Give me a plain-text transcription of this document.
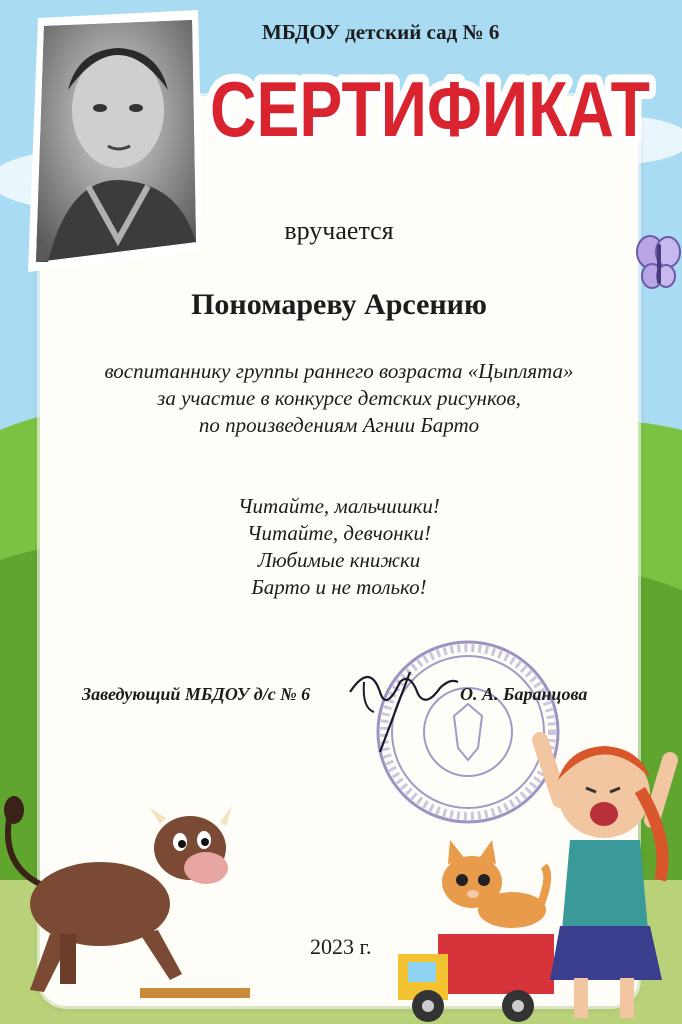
МБДОУ детский сад № 6
СЕРТИФИКАТ
СЕРТИФИКАТ
вручается
Пономареву Арсению
воспитаннику группы раннего возраста «Цыплята»
за участие в конкурсе детских рисунков,
по произведениям Агнии Барто
Читайте, мальчишки!
Читайте, девчонки!
Любимые книжки
Барто и не только!
Заведующий МБДОУ д/с № 6	О. А. Баранцова
2023 г.
